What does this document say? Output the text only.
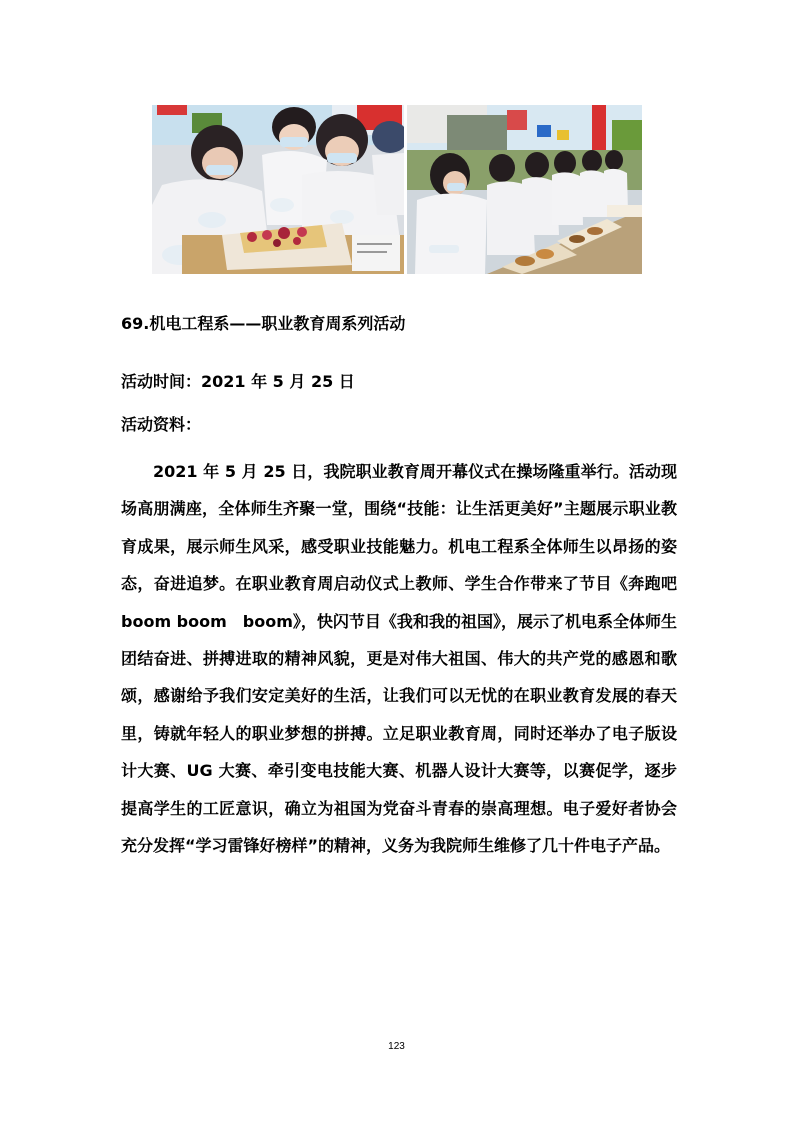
69.机电工程系——职业教育周系列活动
活动时间：2021 年 5 月 25 日
活动资料：

2021 年 5 月 25 日，我院职业教育周开幕仪式在操场隆重举行。活动现场高朋满座，全体师生齐聚一堂，围绕“技能：让生活更美好”主题展示职业教育成果，展示师生风采，感受职业技能魅力。机电工程系全体师生以昂扬的姿态，奋进追梦。在职业教育周启动仪式上教师、学生合作带来了节目《奔跑吧 boom boom　boom》，快闪节目《我和我的祖国》，展示了机电系全体师生团结奋进、拼搏进取的精神风貌，更是对伟大祖国、伟大的共产党的感恩和歌颂，感谢给予我们安定美好的生活，让我们可以无忧的在职业教育发展的春天里，铸就年轻人的职业梦想的拼搏。立足职业教育周，同时还举办了电子版设计大赛、UG 大赛、牵引变电技能大赛、机器人设计大赛等，以赛促学，逐步提高学生的工匠意识，确立为祖国为党奋斗青春的崇高理想。电子爱好者协会充分发挥“学习雷锋好榜样”的精神，义务为我院师生维修了几十件电子产品。

123
